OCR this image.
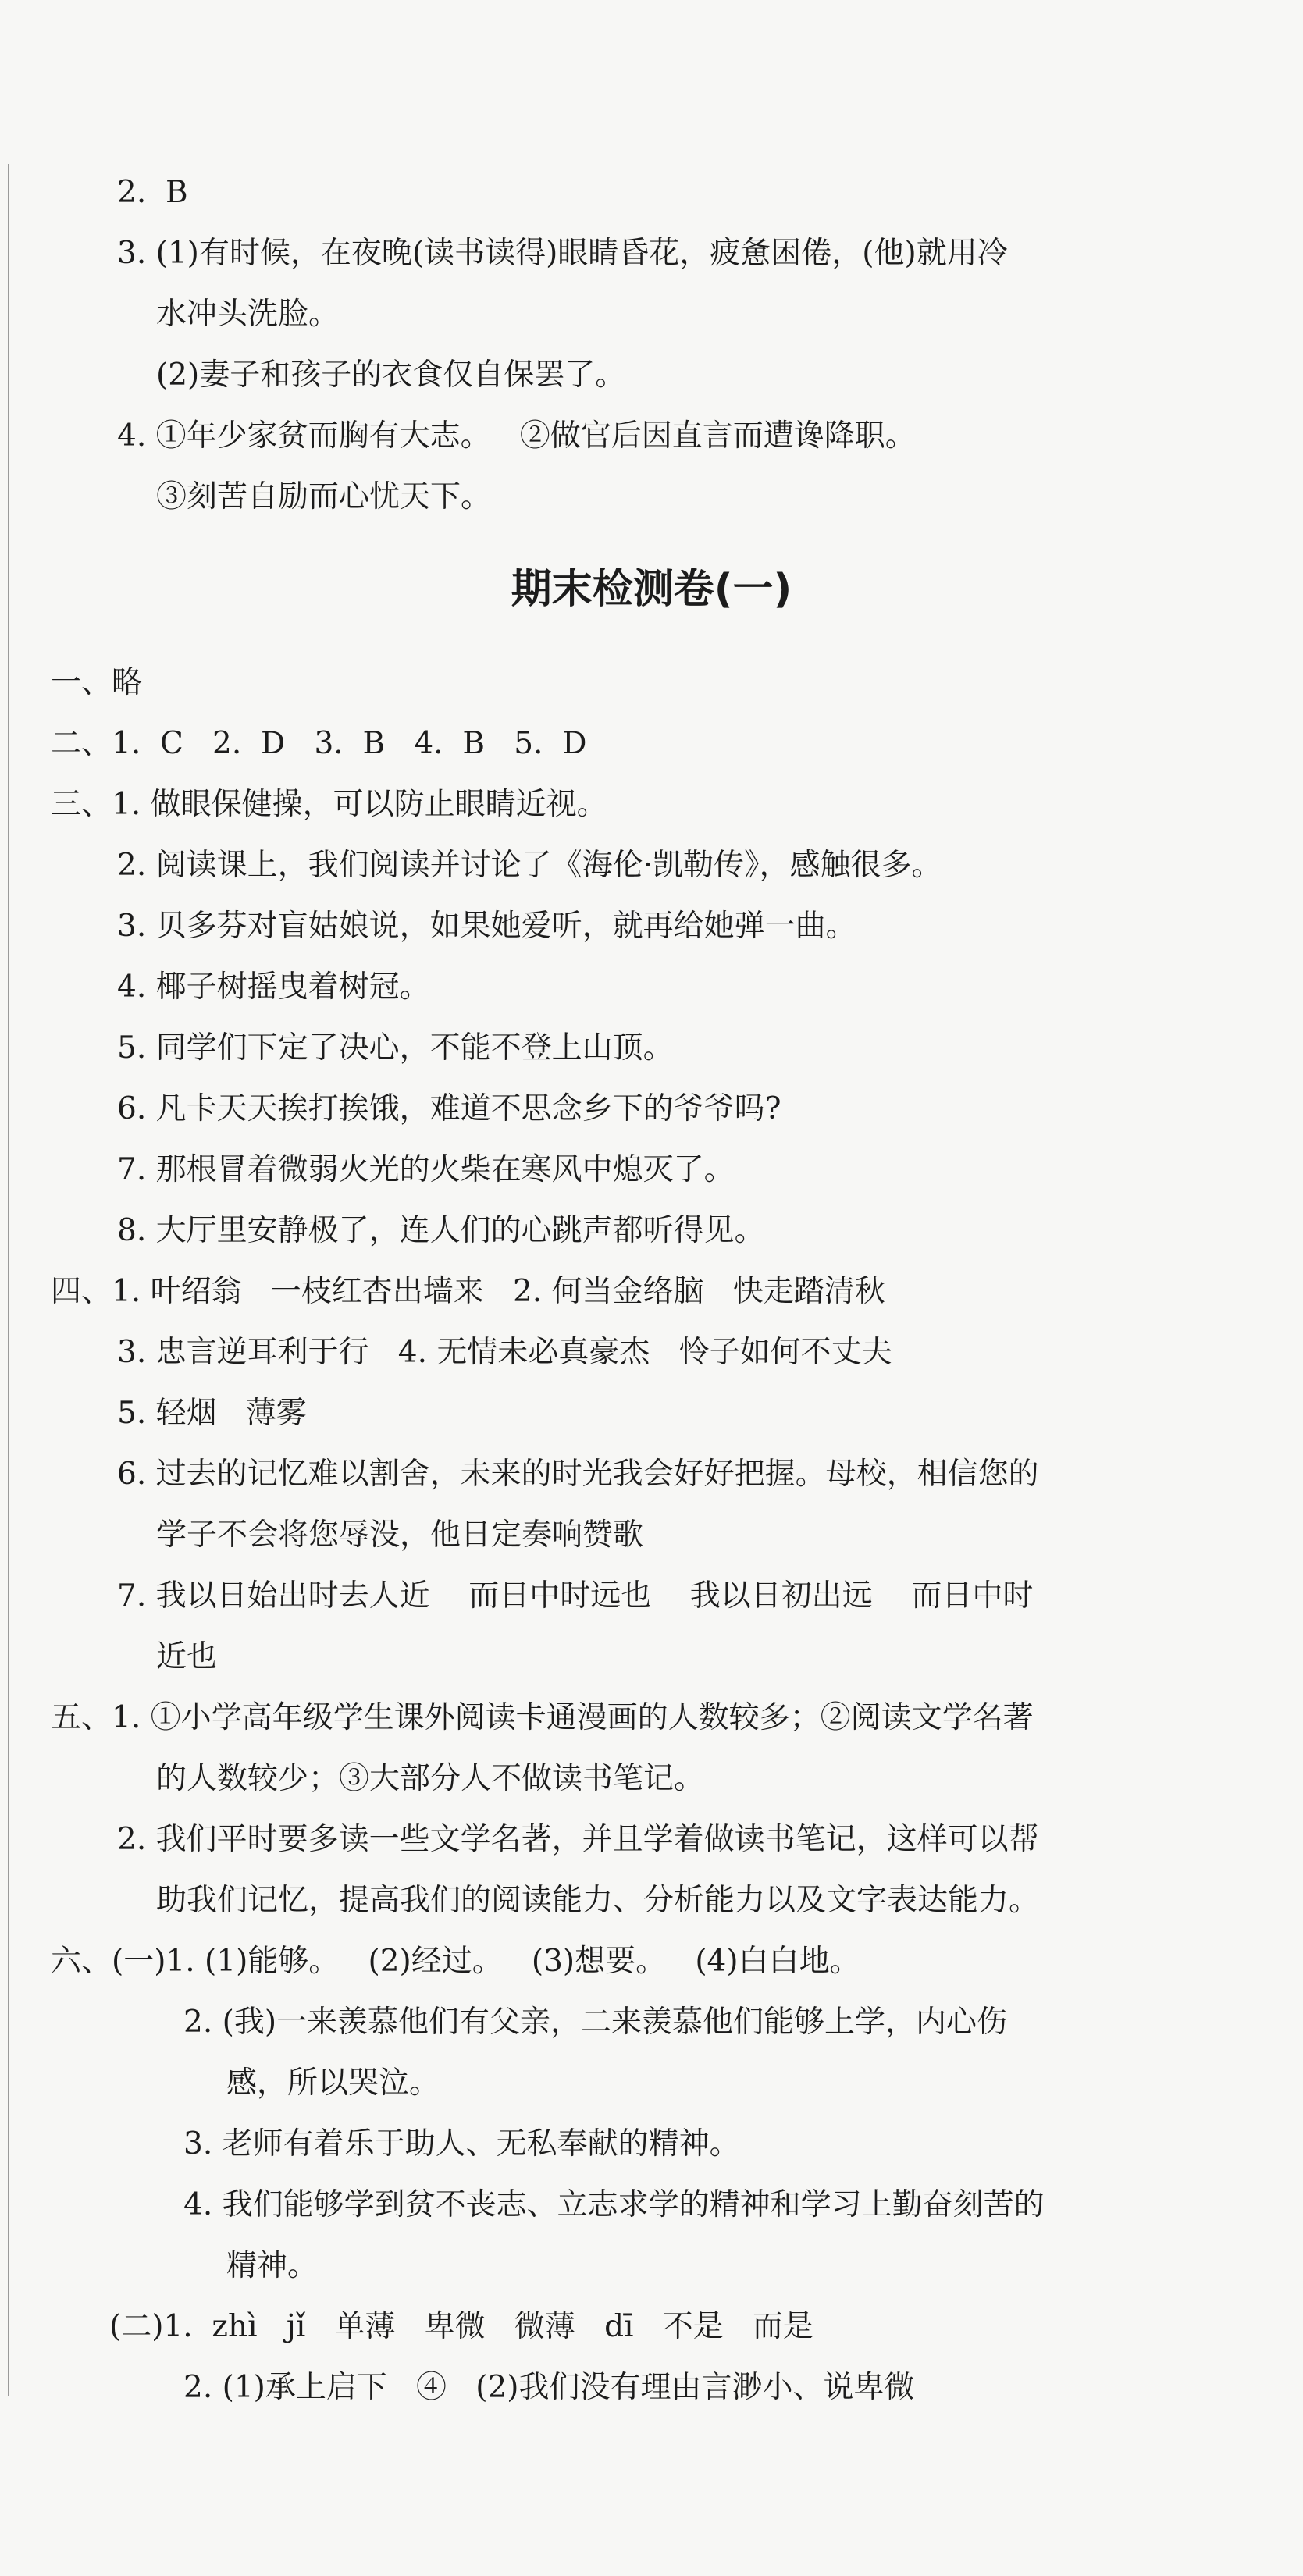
2.  B
3. (1)有时候，在夜晚(读书读得)眼睛昏花，疲惫困倦，(他)就用冷
水冲头洗脸。
(2)妻子和孩子的衣食仅自保罢了。
4. ①年少家贫而胸有大志。   ②做官后因直言而遭谗降职。
③刻苦自励而心忧天下。
期末检测卷(一)
一、略
二、1.  C   2.  D   3.  B   4.  B   5.  D
三、1. 做眼保健操，可以防止眼睛近视。
2. 阅读课上，我们阅读并讨论了《海伦·凯勒传》，感触很多。
3. 贝多芬对盲姑娘说，如果她爱听，就再给她弹一曲。
4. 椰子树摇曳着树冠。
5. 同学们下定了决心，不能不登上山顶。
6. 凡卡天天挨打挨饿，难道不思念乡下的爷爷吗?
7. 那根冒着微弱火光的火柴在寒风中熄灭了。
8. 大厅里安静极了，连人们的心跳声都听得见。
四、1. 叶绍翁   一枝红杏出墙来   2. 何当金络脑   快走踏清秋
3. 忠言逆耳利于行   4. 无情未必真豪杰   怜子如何不丈夫
5. 轻烟   薄雾
6. 过去的记忆难以割舍，未来的时光我会好好把握。母校，相信您的
学子不会将您辱没，他日定奏响赞歌
7. 我以日始出时去人近    而日中时远也    我以日初出远    而日中时
近也
五、1. ①小学高年级学生课外阅读卡通漫画的人数较多；②阅读文学名著
的人数较少；③大部分人不做读书笔记。
2. 我们平时要多读一些文学名著，并且学着做读书笔记，这样可以帮
助我们记忆，提高我们的阅读能力、分析能力以及文字表达能力。
六、(一)1. (1)能够。   (2)经过。   (3)想要。   (4)白白地。
2. (我)一来羡慕他们有父亲，二来羡慕他们能够上学，内心伤
感，所以哭泣。
3. 老师有着乐于助人、无私奉献的精神。
4. 我们能够学到贫不丧志、立志求学的精神和学习上勤奋刻苦的
精神。
(二)1.  zhì   jǐ   单薄   卑微   微薄   dī   不是   而是
2. (1)承上启下   ④   (2)我们没有理由言渺小、说卑微
